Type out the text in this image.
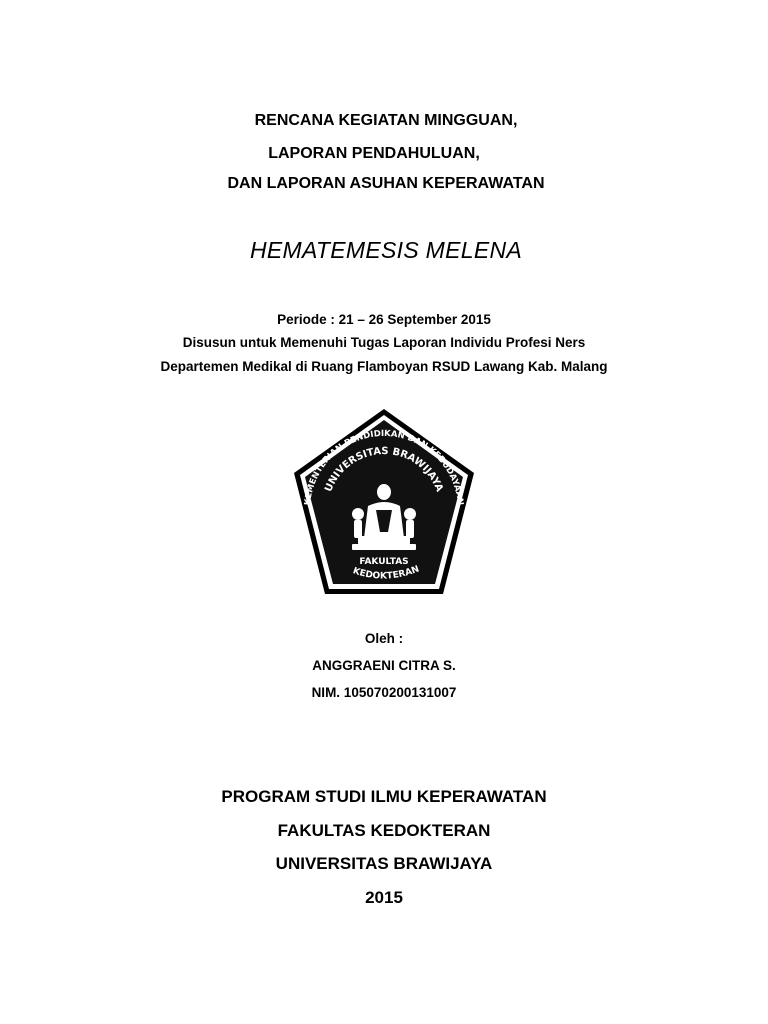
RENCANA KEGIATAN MINGGUAN,
LAPORAN PENDAHULUAN,
DAN LAPORAN ASUHAN KEPERAWATAN
HEMATEMESIS MELENA
Periode : 21 – 26 September 2015
Disusun untuk Memenuhi Tugas Laporan Individu Profesi Ners
Departemen Medikal di Ruang Flamboyan RSUD Lawang Kab. Malang
KEMENTERIAN PENDIDIKAN DAN KEBUDAYAAN
UNIVERSITAS BRAWIJAYA
FAKULTAS
KEDOKTERAN
Oleh :
ANGGRAENI CITRA S.
NIM. 105070200131007
PROGRAM STUDI ILMU KEPERAWATAN
FAKULTAS KEDOKTERAN
UNIVERSITAS BRAWIJAYA
2015
